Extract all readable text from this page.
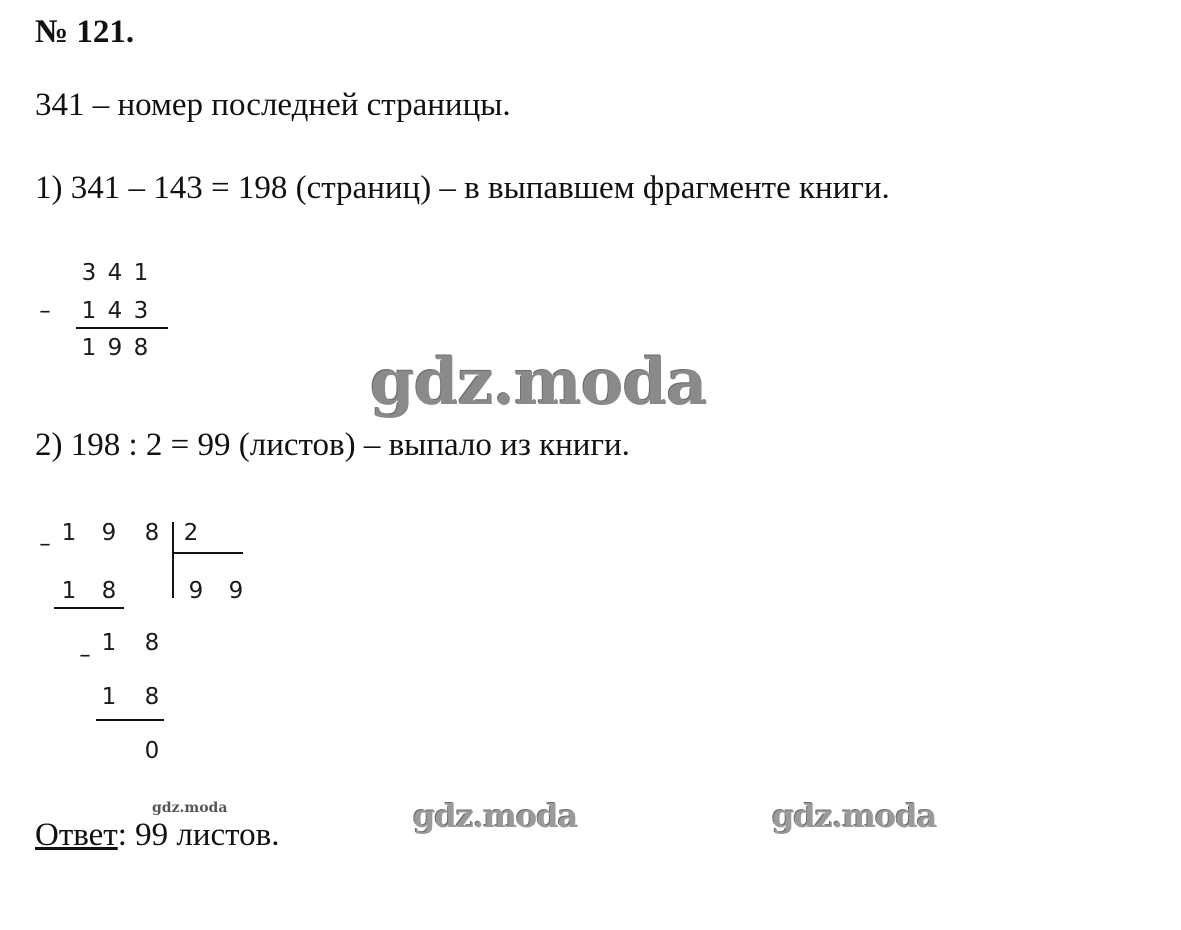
№ 121.
341 – номер последней страницы.
1) 341 – 143 = 198 (страниц) – в выпавшем фрагменте книги.
3 4 1
– 1 4 3
1 9 8	gdz.moda
2) 198 : 2 = 99 (листов) – выпало из книги.
– 1 9 8 2
9 9
1 8
1 8
–
1 8
0
gdz.moda
Ответ: 99 листов.	gdz.moda	gdz.moda
